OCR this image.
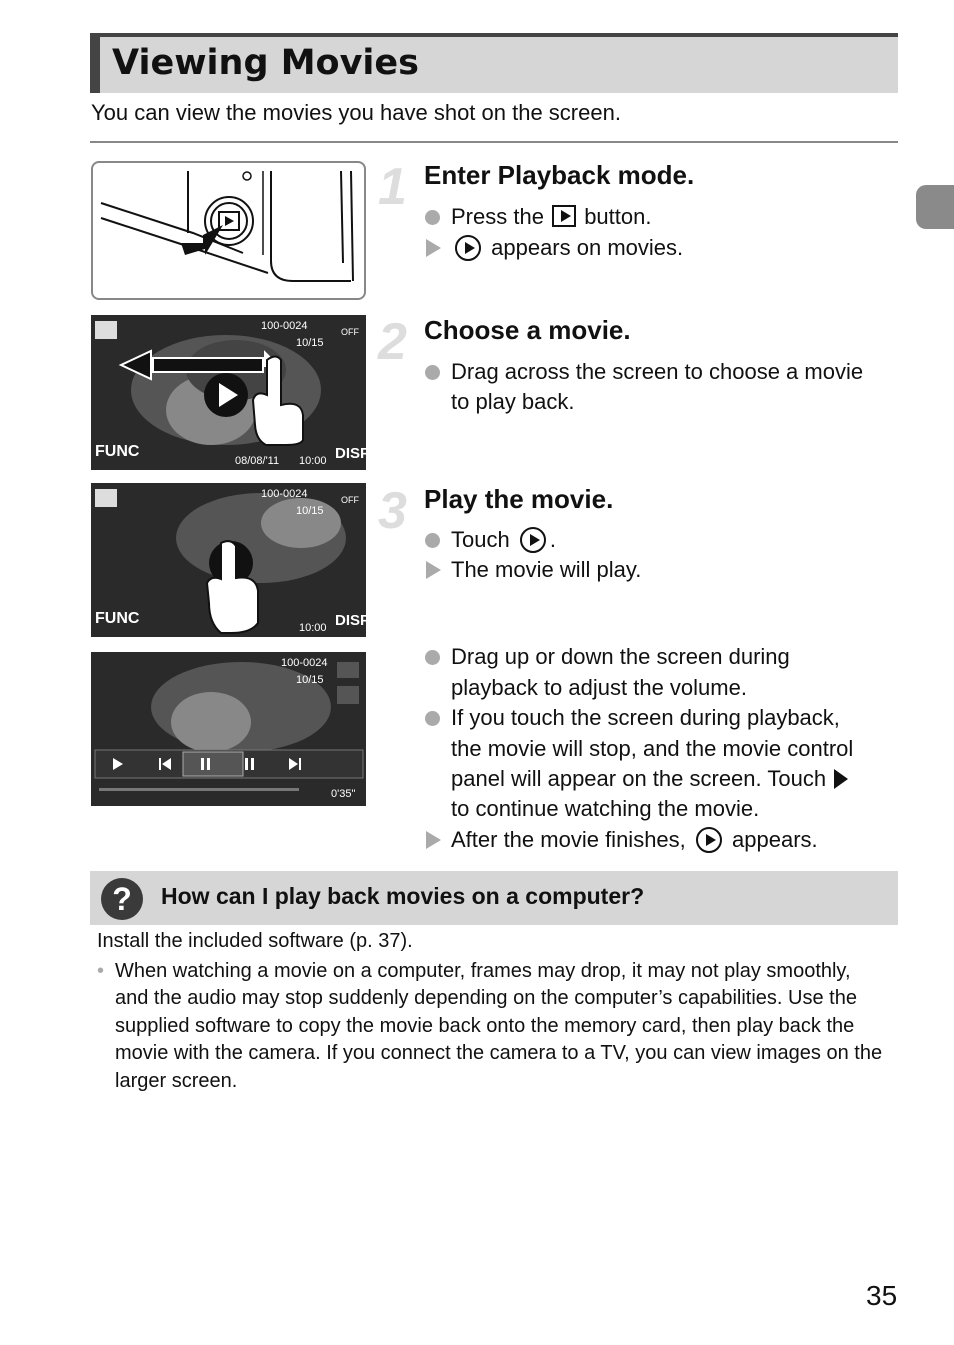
Viewing Movies
You can view the movies you have shot on the screen.
100-0024
10/15
OFF
FUNC
08/08/'11 10:00 DISP.
100-0024
10/15
OFF
FUNC
10:00 DISP.
100-0024
10/15
0'35"
1 Enter Playback mode.
Press the button.
appears on movies.
2 Choose a movie.
Drag across the screen to choose a movie
to play back.
3 Play the movie.
Touch .
The movie will play.
Drag up or down the screen during
playback to adjust the volume.
If you touch the screen during playback,
the movie will stop, and the movie control
panel will appear on the screen. Touch
to continue watching the movie.
After the movie finishes, appears.
?	How can I play back movies on a computer?
Install the included software (p. 37).
• When watching a movie on a computer, frames may drop, it may not play smoothly, and the audio may stop suddenly depending on the computer’s capabilities. Use the supplied software to copy the movie back onto the memory card, then play back the movie with the camera. If you connect the camera to a TV, you can view images on the larger screen.
35
